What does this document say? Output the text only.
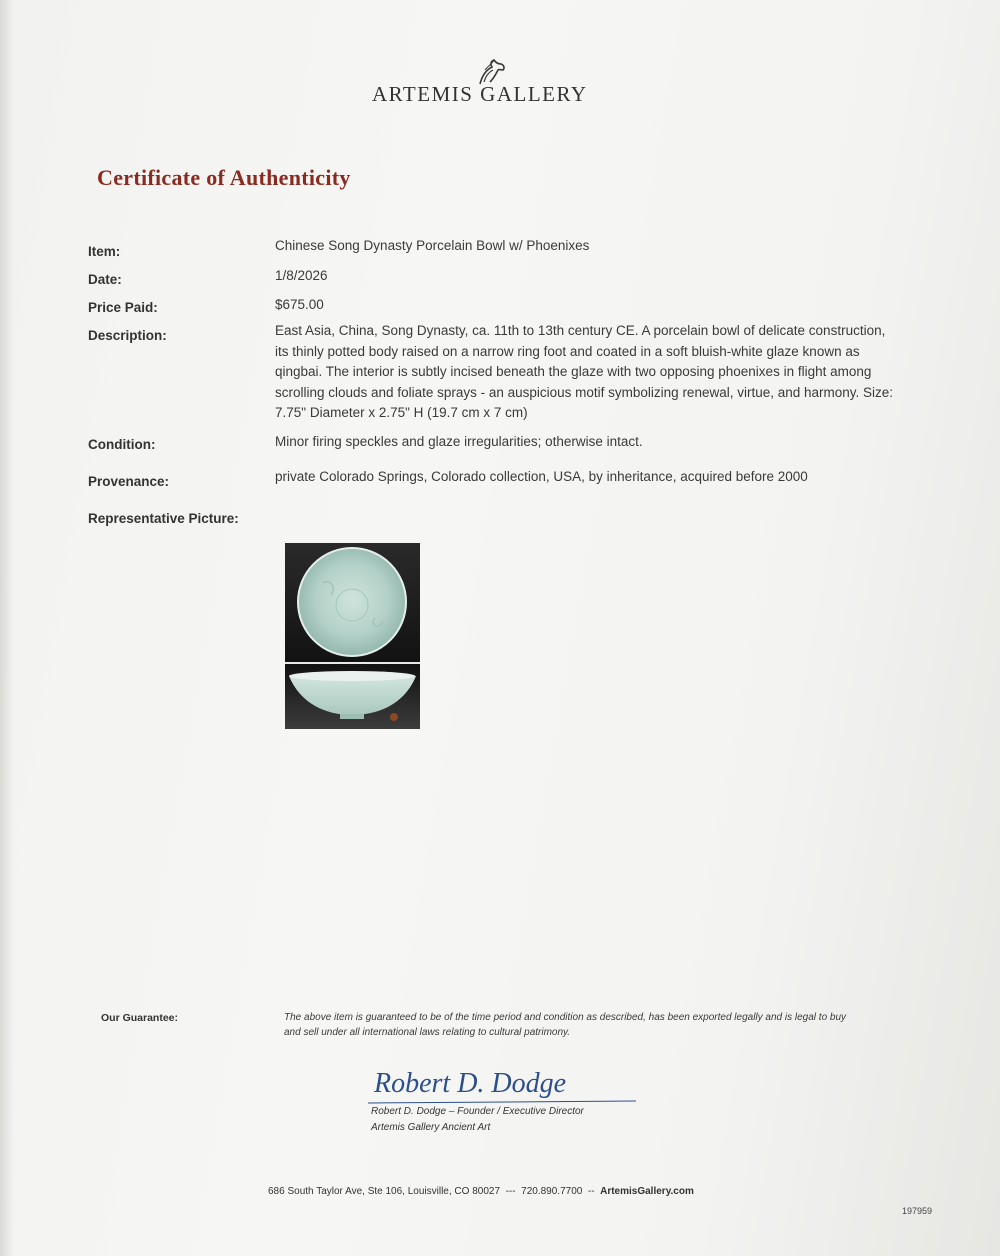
ARTEMIS GALLERY
Certificate of Authenticity
Item:	Chinese Song Dynasty Porcelain Bowl w/ Phoenixes
Date:	1/8/2026
Price Paid:	$675.00
Description:	East Asia, China, Song Dynasty, ca. 11th to 13th century CE. A porcelain bowl of delicate construction, its thinly potted body raised on a narrow ring foot and coated in a soft bluish-white glaze known as qingbai. The interior is subtly incised beneath the glaze with two opposing phoenixes in flight among scrolling clouds and foliate sprays - an auspicious motif symbolizing renewal, virtue, and harmony. Size: 7.75" Diameter x 2.75" H (19.7 cm x 7 cm)
Condition:	Minor firing speckles and glaze irregularities; otherwise intact.
Provenance:	private Colorado Springs, Colorado collection, USA, by inheritance, acquired before 2000
Representative Picture:
Our Guarantee:	The above item is guaranteed to be of the time period and condition as described, has been exported legally and is legal to buy and sell under all international laws relating to cultural patrimony.
Robert D. Dodge
Robert D. Dodge – Founder / Executive Director
Artemis Gallery Ancient Art
686 South Taylor Ave, Ste 106, Louisville, CO 80027 --- 720.890.7700 -- ArtemisGallery.com
197959
